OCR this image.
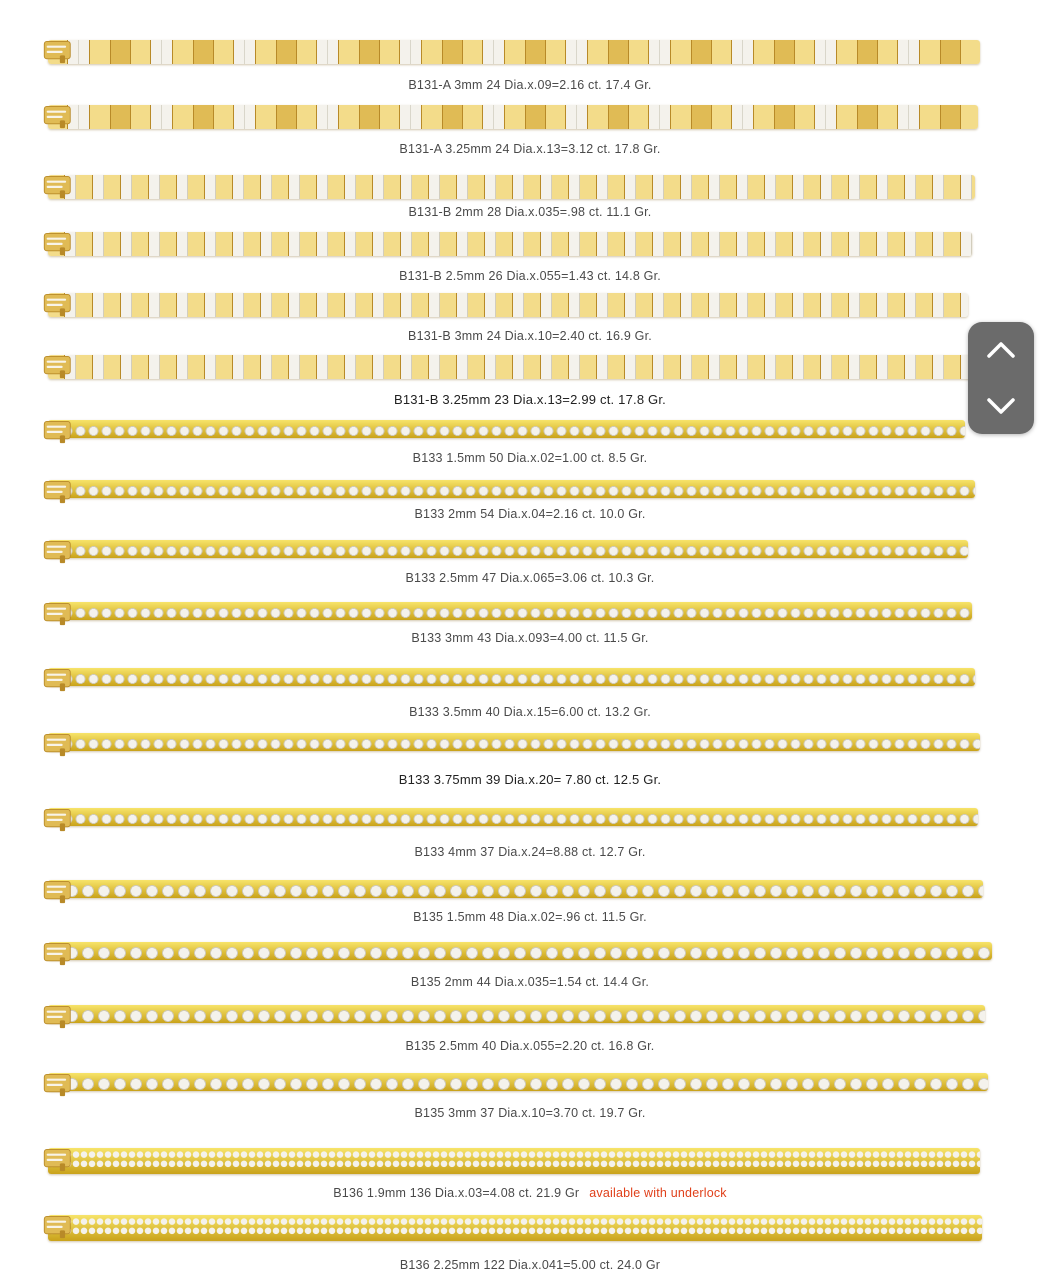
B131-A 3mm 24 Dia.x.09=2.16 ct. 17.4 Gr.
B131-A 3.25mm 24 Dia.x.13=3.12 ct. 17.8 Gr.
B131-B 2mm 28 Dia.x.035=.98 ct. 11.1 Gr.
B131-B 2.5mm 26 Dia.x.055=1.43 ct. 14.8 Gr.
B131-B 3mm 24 Dia.x.10=2.40 ct. 16.9 Gr.
B131-B 3.25mm 23 Dia.x.13=2.99 ct. 17.8 Gr.
B133 1.5mm 50 Dia.x.02=1.00 ct. 8.5 Gr.
B133 2mm 54 Dia.x.04=2.16 ct. 10.0 Gr.
B133 2.5mm 47 Dia.x.065=3.06 ct. 10.3 Gr.
B133 3mm 43 Dia.x.093=4.00 ct. 11.5 Gr.
B133 3.5mm 40 Dia.x.15=6.00 ct. 13.2 Gr.
B133 3.75mm 39 Dia.x.20= 7.80 ct. 12.5 Gr.
B133 4mm 37 Dia.x.24=8.88 ct. 12.7 Gr.
B135 1.5mm 48 Dia.x.02=.96 ct. 11.5 Gr.
B135 2mm 44 Dia.x.035=1.54 ct. 14.4 Gr.
B135 2.5mm 40 Dia.x.055=2.20 ct. 16.8 Gr.
B135 3mm 37 Dia.x.10=3.70 ct. 19.7 Gr.
B136 1.9mm 136 Dia.x.03=4.08 ct. 21.9 Gr available with underlock
B136 2.25mm 122 Dia.x.041=5.00 ct. 24.0 Gr
